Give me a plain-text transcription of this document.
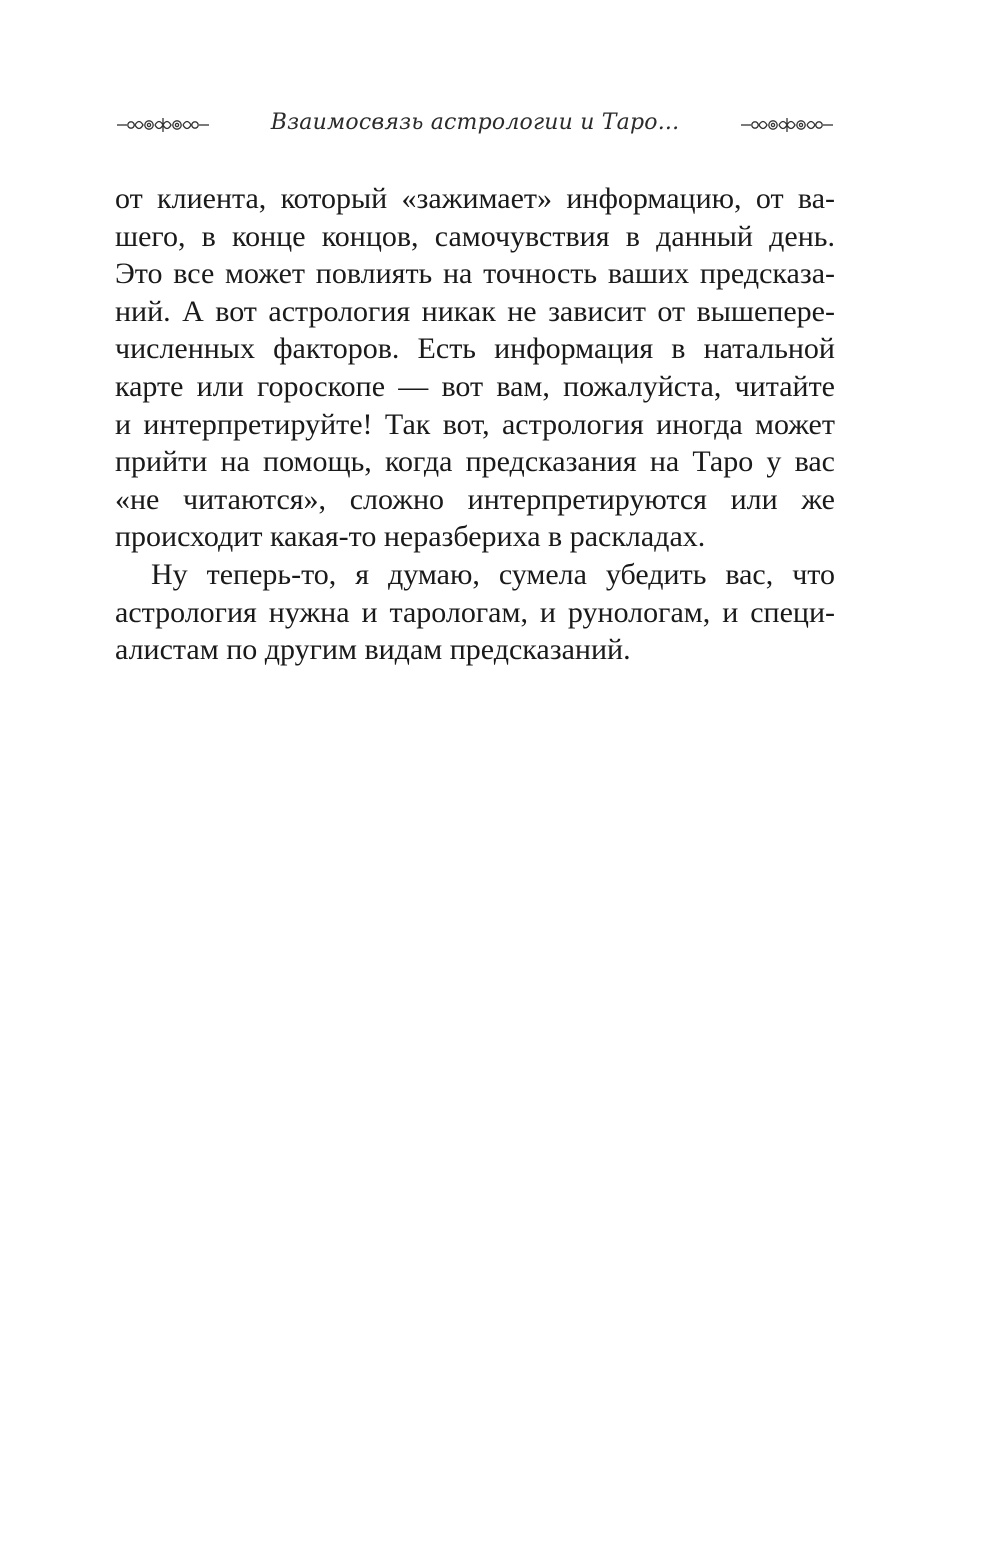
Взаимосвязь астрологии и Таро...
от клиента, который «зажимает» информацию, от ва-
шего, в конце концов, самочувствия в данный день.
Это все может повлиять на точность ваших предсказа-
ний. А вот астрология никак не зависит от вышепере-
численных факторов. Есть информация в натальной
карте или гороскопе — вот вам, пожалуйста, читайте
и интерпретируйте! Так вот, астрология иногда может
прийти на помощь, когда предсказания на Таро у вас
«не читаются», сложно интерпретируются или же
происходит какая-то неразбериха в раскладах.
Ну теперь-то, я думаю, сумела убедить вас, что
астрология нужна и тарологам, и рунологам, и специ-
алистам по другим видам предсказаний.
